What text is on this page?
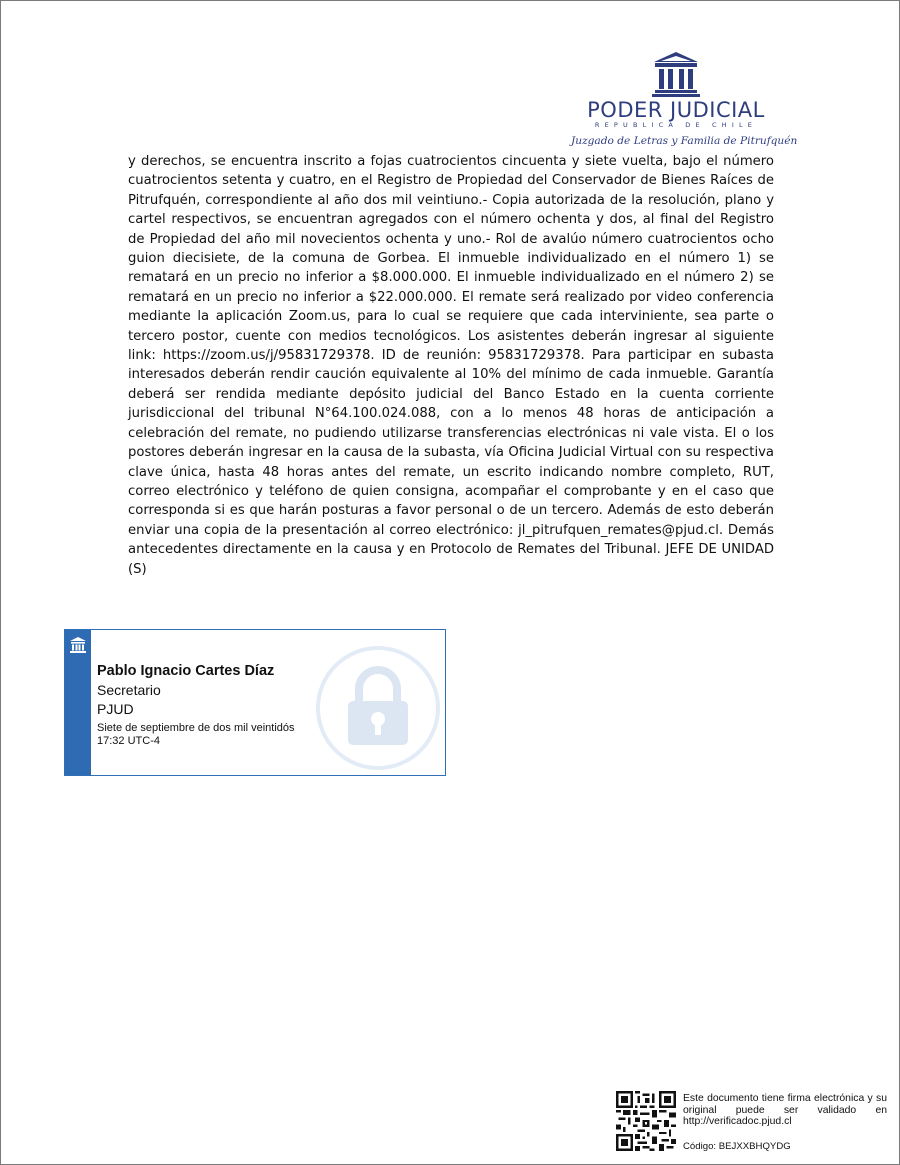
PODER JUDICIAL
REPUBLICA DE CHILE
Juzgado de Letras y Familia de Pitrufquén
y derechos, se encuentra inscrito a fojas cuatrocientos cincuenta y siete vuelta, bajo el número cuatrocientos setenta y cuatro, en el Registro de Propiedad del Conservador de Bienes Raíces de Pitrufquén, correspondiente al año dos mil veintiuno.- Copia autorizada de la resolución, plano y cartel respectivos, se encuentran agregados con el número ochenta y dos, al final del Registro de Propiedad del año mil novecientos ochenta y uno.- Rol de avalúo número cuatrocientos ocho guion diecisiete, de la comuna de Gorbea. El inmueble individualizado en el número 1) se rematará en un precio no inferior a $8.000.000. El inmueble individualizado en el número 2) se rematará en un precio no inferior a $22.000.000. El remate será realizado por video conferencia mediante la aplicación Zoom.us, para lo cual se requiere que cada interviniente, sea parte o tercero postor, cuente con medios tecnológicos. Los asistentes deberán ingresar al siguiente link: https://zoom.us/j/95831729378. ID de reunión: 95831729378. Para participar en subasta interesados deberán rendir caución equivalente al 10% del mínimo de cada inmueble. Garantía deberá ser rendida mediante depósito judicial del Banco Estado en la cuenta corriente jurisdiccional del tribunal N°64.100.024.088, con a lo menos 48 horas de anticipación a celebración del remate, no pudiendo utilizarse transferencias electrónicas ni vale vista. El o los postores deberán ingresar en la causa de la subasta, vía Oficina Judicial Virtual con su respectiva clave única, hasta 48 horas antes del remate, un escrito indicando nombre completo, RUT, correo electrónico y teléfono de quien consigna, acompañar el comprobante y en el caso que corresponda si es que harán posturas a favor personal o de un tercero. Además de esto deberán enviar una copia de la presentación al correo electrónico: jl_pitrufquen_remates@pjud.cl. Demás antecedentes directamente en la causa y en Protocolo de Remates del Tribunal. JEFE DE UNIDAD (S)
Pablo Ignacio Cartes Díaz
Secretario
PJUD
Siete de septiembre de dos mil veintidós
17:32 UTC-4
Este documento tiene firma electrónica y su original puede ser validado en http://verificadoc.pjud.cl
Código: BEJXXBHQYDG
